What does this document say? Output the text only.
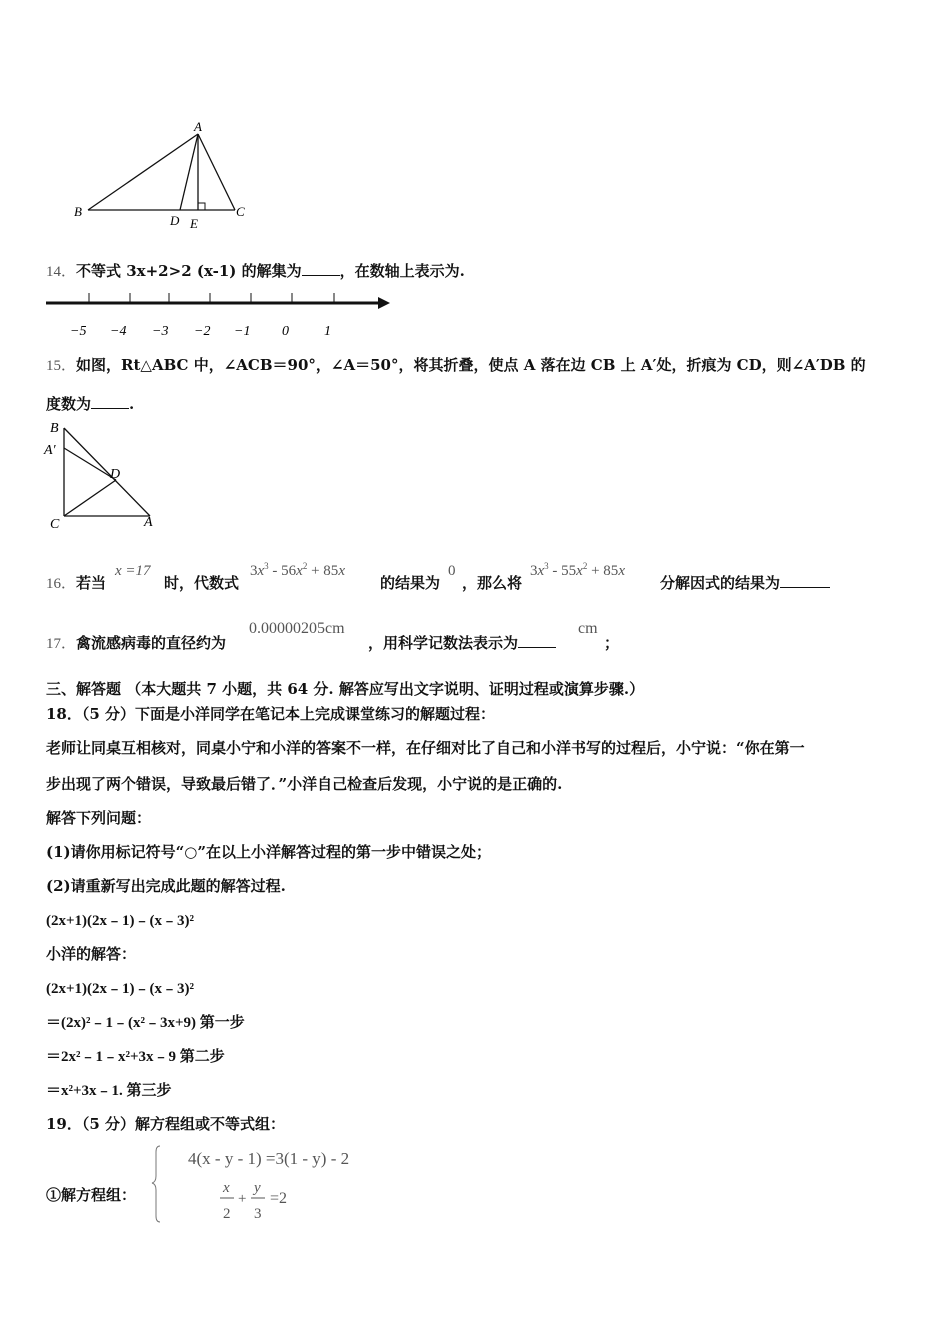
A
B	C
D E
14．不等式 3x+2>2 (x-1) 的解集为	，在数轴上表示为.
−5 −4 −3 −2 −1 0	1
15．如图，Rt△ABC 中，∠ACB＝90°，∠A＝50°，将其折叠，使点 A 落在边 CB 上 A′处，折痕为 CD，则∠A′DB 的
度数为	.
B
A′
D
C	A
16．若当
x =17
时，代数式
$3x^3 - 56x^2 + 85x$
的结果为
0
，那么将
$3x^3 - 55x^2 + 85x$
分解因式的结果为
17．禽流感病毒的直径约为
0.00000205cm
，用科学记数法表示为
cm
；
三、解答题 （本大题共 7 小题，共 64 分. 解答应写出文字说明、证明过程或演算步骤.）
18．（5 分）下面是小洋同学在笔记本上完成课堂练习的解题过程：
老师让同桌互相核对，同桌小宁和小洋的答案不一样，在仔细对比了自己和小洋书写的过程后，小宁说：“你在第一
步出现了两个错误，导致最后错了．”小洋自己检查后发现，小宁说的是正确的.
解答下列问题：
(1)请你用标记符号“○”在以上小洋解答过程的第一步中错误之处；
(2)请重新写出完成此题的解答过程.
(2x+1)(2x﹣1)﹣(x﹣3)²
小洋的解答：
(2x+1)(2x﹣1)﹣(x﹣3)²
＝(2x)²﹣1﹣(x²﹣3x+9) 第一步
＝2x²﹣1﹣x²+3x﹣9 第二步
＝x²+3x﹣1. 第三步
19．（5 分）解方程组或不等式组：
①解方程组：
4(x - y - 1) =3(1 - y) - 2
x
2
+
y
3
=2
